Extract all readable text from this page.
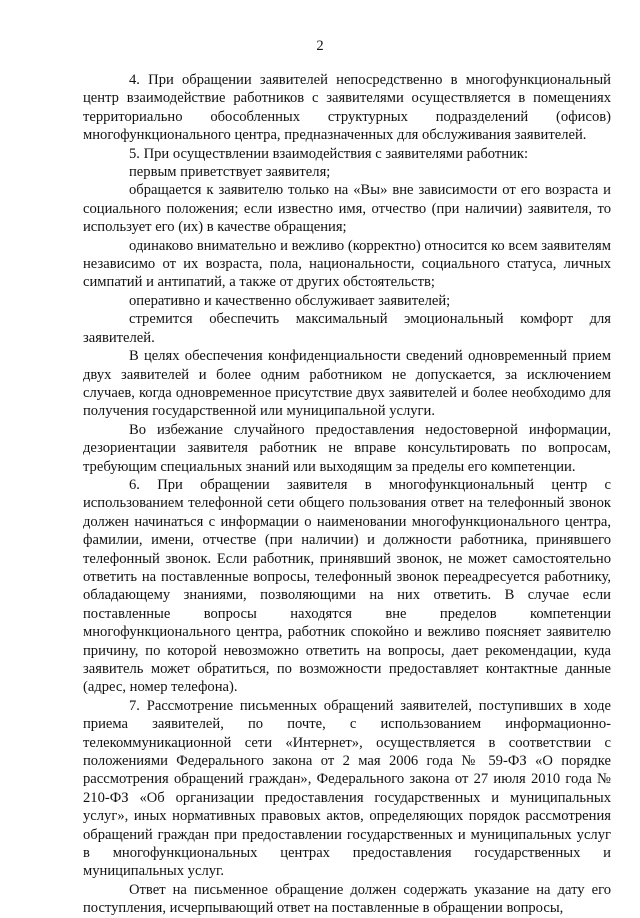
2

4. При обращении заявителей непосредственно в многофункциональный центр взаимодействие работников с заявителями осуществляется в помещениях территориально обособленных структурных подразделений (офисов) многофункционального центра, предназначенных для обслуживания заявителей.

5. При осуществлении взаимодействия с заявителями работник:

первым приветствует заявителя;

обращается к заявителю только на «Вы» вне зависимости от его возраста и социального положения; если известно имя, отчество (при наличии) заявителя, то использует его (их) в качестве обращения;

одинаково внимательно и вежливо (корректно) относится ко всем заявителям независимо от их возраста, пола, национальности, социального статуса, личных симпатий и антипатий, а также от других обстоятельств;

оперативно и качественно обслуживает заявителей;

стремится обеспечить максимальный эмоциональный комфорт для заявителей.

В целях обеспечения конфиденциальности сведений одновременный прием двух заявителей и более одним работником не допускается, за исключением случаев, когда одновременное присутствие двух заявителей и более необходимо для получения государственной или муниципальной услуги.

Во избежание случайного предоставления недостоверной информации, дезориентации заявителя работник не вправе консультировать по вопросам, требующим специальных знаний или выходящим за пределы его компетенции.

6. При обращении заявителя в многофункциональный центр с использованием телефонной сети общего пользования ответ на телефонный звонок должен начинаться с информации о наименовании многофункционального центра, фамилии, имени, отчестве (при наличии) и должности работника, принявшего телефонный звонок. Если работник, принявший звонок, не может самостоятельно ответить на поставленные вопросы, телефонный звонок переадресуется работнику, обладающему знаниями, позволяющими на них ответить. В случае если поставленные вопросы находятся вне пределов компетенции многофункционального центра, работник спокойно и вежливо поясняет заявителю причину, по которой невозможно ответить на вопросы, дает рекомендации, куда заявитель может обратиться, по возможности предоставляет контактные данные (адрес, номер телефона).

7. Рассмотрение письменных обращений заявителей, поступивших в ходе приема заявителей, по почте, с использованием информационно-телекоммуникационной сети «Интернет», осуществляется в соответствии с положениями Федерального закона от 2 мая 2006 года № 59-ФЗ «О порядке рассмотрения обращений граждан», Федерального закона от 27 июля 2010 года № 210-ФЗ «Об организации предоставления государственных и муниципальных услуг», иных нормативных правовых актов, определяющих порядок рассмотрения обращений граждан при предоставлении государственных и муниципальных услуг в многофункциональных центрах предоставления государственных и муниципальных услуг.

Ответ на письменное обращение должен содержать указание на дату его поступления, исчерпывающий ответ на поставленные в обращении вопросы,
